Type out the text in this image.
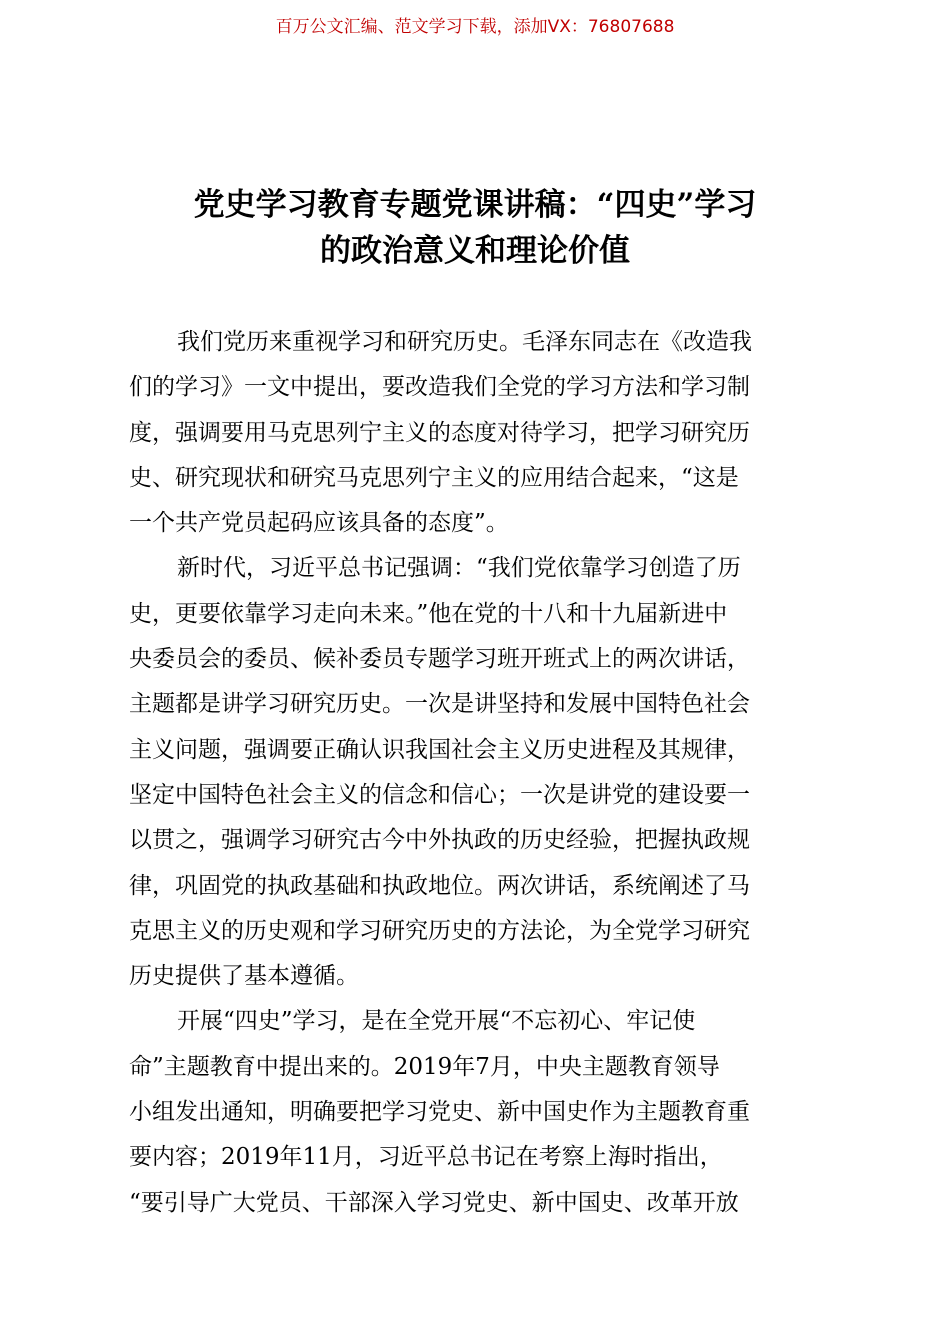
百万公文汇编、范文学习下载，添加VX：76807688
党史学习教育专题党课讲稿：“四史”学习
的政治意义和理论价值

我们党历来重视学习和研究历史。毛泽东同志在《改造我
们的学习》一文中提出，要改造我们全党的学习方法和学习制
度，强调要用马克思列宁主义的态度对待学习，把学习研究历
史、研究现状和研究马克思列宁主义的应用结合起来，“这是
一个共产党员起码应该具备的态度”。

新时代，习近平总书记强调：“我们党依靠学习创造了历
史，更要依靠学习走向未来。”他在党的十八和十九届新进中
央委员会的委员、候补委员专题学习班开班式上的两次讲话，
主题都是讲学习研究历史。一次是讲坚持和发展中国特色社会
主义问题，强调要正确认识我国社会主义历史进程及其规律，
坚定中国特色社会主义的信念和信心；一次是讲党的建设要一
以贯之，强调学习研究古今中外执政的历史经验，把握执政规
律，巩固党的执政基础和执政地位。两次讲话，系统阐述了马
克思主义的历史观和学习研究历史的方法论，为全党学习研究
历史提供了基本遵循。

开展“四史”学习，是在全党开展“不忘初心、牢记使
命”主题教育中提出来的。2019年7月，中央主题教育领导
小组发出通知，明确要把学习党史、新中国史作为主题教育重
要内容；2019年11月，习近平总书记在考察上海时指出，
“要引导广大党员、干部深入学习党史、新中国史、改革开放
